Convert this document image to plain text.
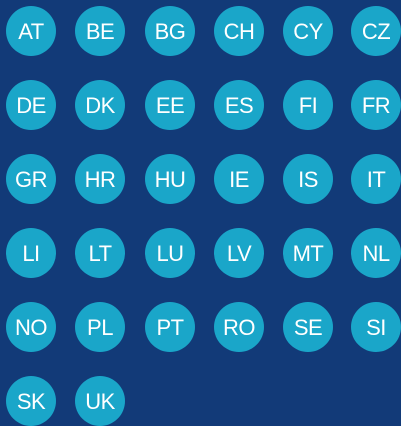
AT BE BG CH CY CZ
DE DK EE ES FI FR
GR HR HU IE IS IT
LI LT LU LV MT NL
NO PL PT RO SE SI
SK UK
